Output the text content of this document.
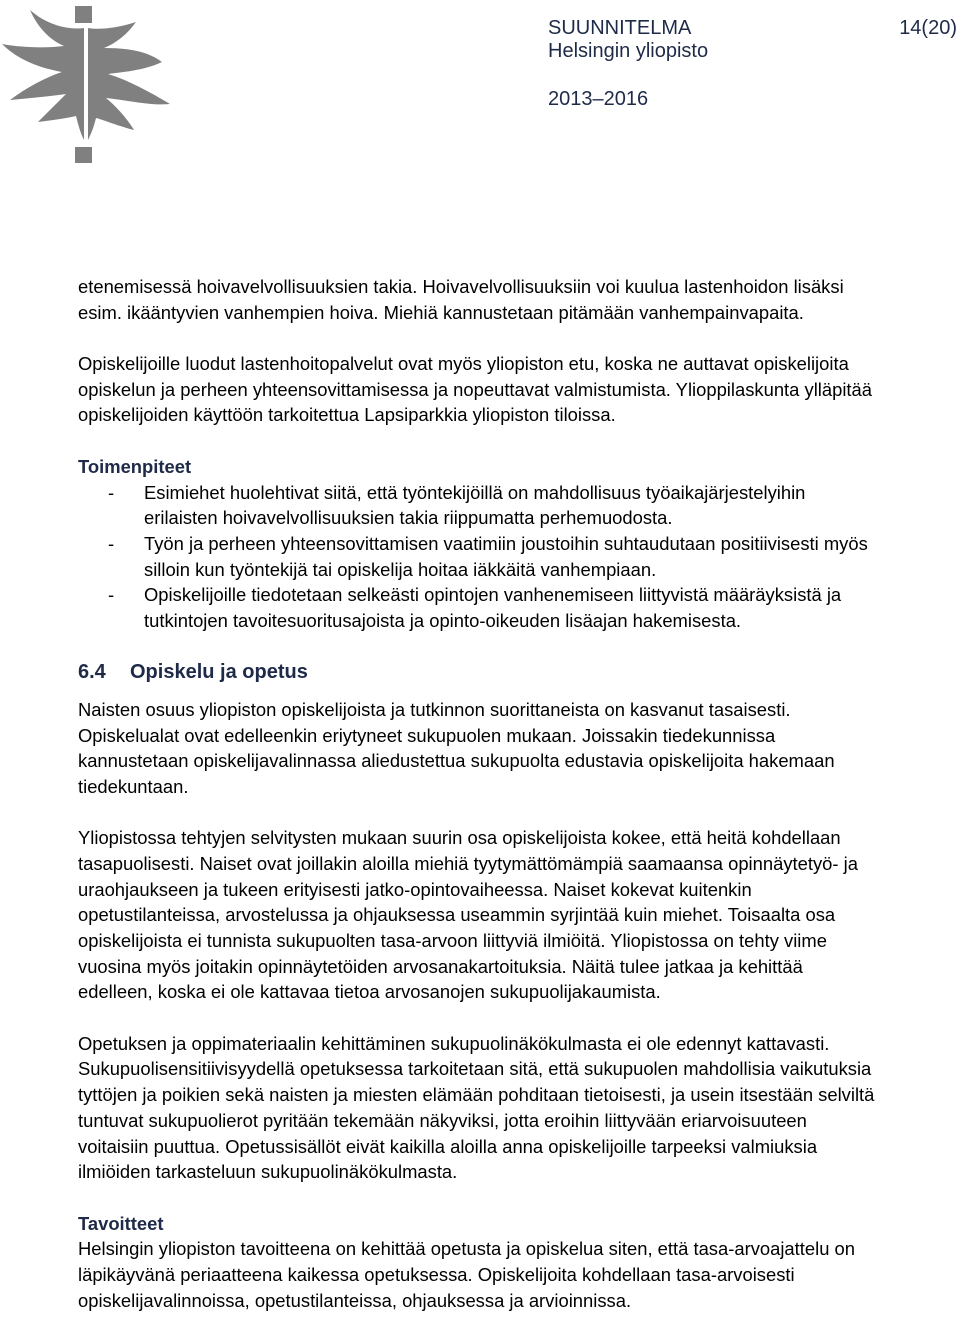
SUUNNITELMA	14(20)
Helsingin yliopisto
2013–2016
etenemisessä hoivavelvollisuuksien takia. Hoivavelvollisuuksiin voi kuulua lastenhoidon lisäksi
esim. ikääntyvien vanhempien hoiva. Miehiä kannustetaan pitämään vanhempainvapaita.
Opiskelijoille luodut lastenhoitopalvelut ovat myös yliopiston etu, koska ne auttavat opiskelijoita
opiskelun ja perheen yhteensovittamisessa ja nopeuttavat valmistumista. Ylioppilaskunta ylläpitää
opiskelijoiden käyttöön tarkoitettua Lapsiparkkia yliopiston tiloissa.
Toimenpiteet
- Esimiehet huolehtivat siitä, että työntekijöillä on mahdollisuus työaikajärjestelyihin
erilaisten hoivavelvollisuuksien takia riippumatta perhemuodosta.
- Työn ja perheen yhteensovittamisen vaatimiin joustoihin suhtaudutaan positiivisesti myös
silloin kun työntekijä tai opiskelija hoitaa iäkkäitä vanhempiaan.
- Opiskelijoille tiedotetaan selkeästi opintojen vanhenemiseen liittyvistä määräyksistä ja
tutkintojen tavoitesuoritusajoista ja opinto-oikeuden lisäajan hakemisesta.
6.4 Opiskelu ja opetus
Naisten osuus yliopiston opiskelijoista ja tutkinnon suorittaneista on kasvanut tasaisesti.
Opiskelualat ovat edelleenkin eriytyneet sukupuolen mukaan. Joissakin tiedekunnissa
kannustetaan opiskelijavalinnassa aliedustettua sukupuolta edustavia opiskelijoita hakemaan
tiedekuntaan.
Yliopistossa tehtyjen selvitysten mukaan suurin osa opiskelijoista kokee, että heitä kohdellaan
tasapuolisesti. Naiset ovat joillakin aloilla miehiä tyytymättömämpiä saamaansa opinnäytetyö- ja
uraohjaukseen ja tukeen erityisesti jatko-opintovaiheessa. Naiset kokevat kuitenkin
opetustilanteissa, arvostelussa ja ohjauksessa useammin syrjintää kuin miehet. Toisaalta osa
opiskelijoista ei tunnista sukupuolten tasa-arvoon liittyviä ilmiöitä. Yliopistossa on tehty viime
vuosina myös joitakin opinnäytetöiden arvosanakartoituksia. Näitä tulee jatkaa ja kehittää
edelleen, koska ei ole kattavaa tietoa arvosanojen sukupuolijakaumista.
Opetuksen ja oppimateriaalin kehittäminen sukupuolinäkökulmasta ei ole edennyt kattavasti.
Sukupuolisensitiivisyydellä opetuksessa tarkoitetaan sitä, että sukupuolen mahdollisia vaikutuksia
tyttöjen ja poikien sekä naisten ja miesten elämään pohditaan tietoisesti, ja usein itsestään selviltä
tuntuvat sukupuolierot pyritään tekemään näkyviksi, jotta eroihin liittyvään eriarvoisuuteen
voitaisiin puuttua. Opetussisällöt eivät kaikilla aloilla anna opiskelijoille tarpeeksi valmiuksia
ilmiöiden tarkasteluun sukupuolinäkökulmasta.
Tavoitteet
Helsingin yliopiston tavoitteena on kehittää opetusta ja opiskelua siten, että tasa-arvoajattelu on
läpikäyvänä periaatteena kaikessa opetuksessa. Opiskelijoita kohdellaan tasa-arvoisesti
opiskelijavalinnoissa, opetustilanteissa, ohjauksessa ja arvioinnissa.
